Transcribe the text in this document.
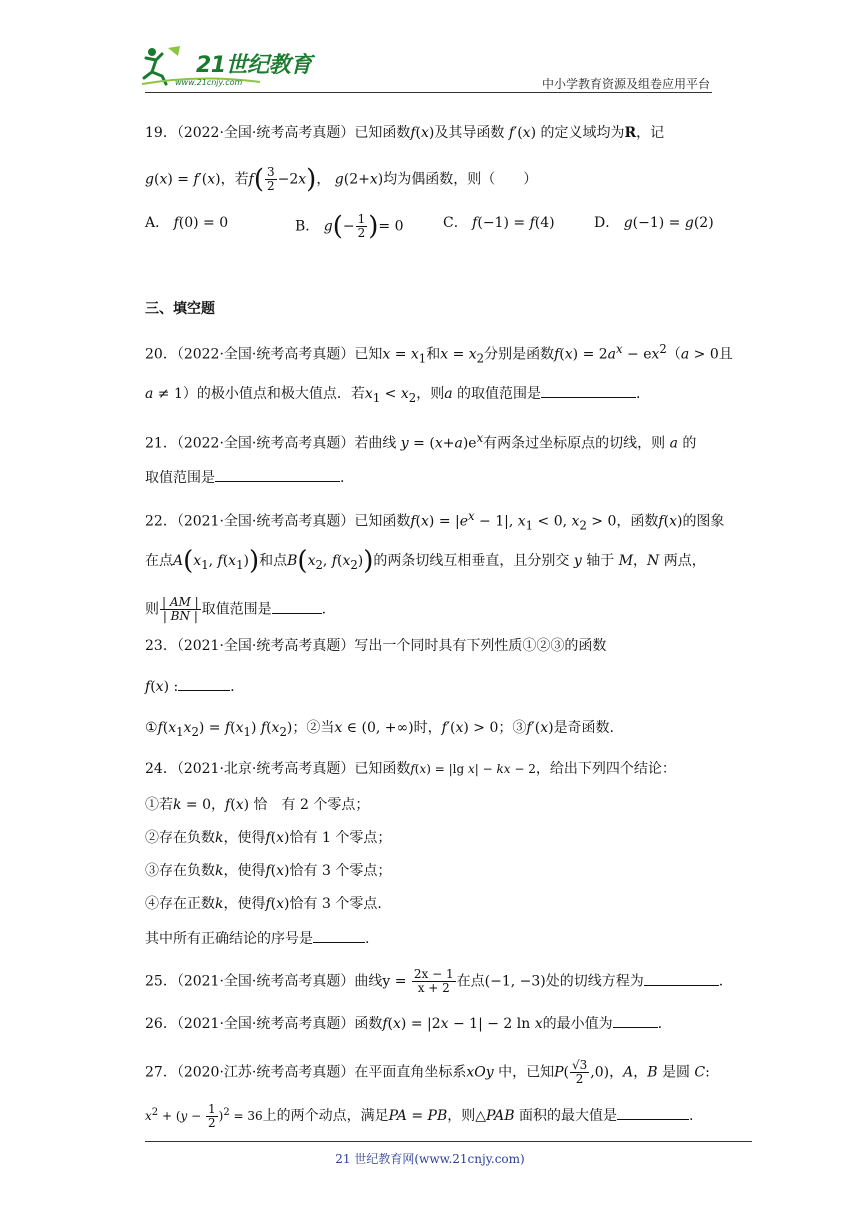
21世纪教育
www.21cnjy.com	中小学教育资源及组卷应用平台
19．（2022·全国·统考高考真题）已知函数f(x)及其导函数 f′(x) 的定义域均为R，记
g(x) = f′(x)，若$f( \frac{3}{2} -2x)$， g(2+x)均为偶函数，则（　　）
A． f(0) = 0	B． $g(- \frac{1}{2}$ )= 0	C． f(−1) = f(4)	D． g(−1) = g(2)
三、填空题
20．（2022·全国·统考高考真题）已知$x = x_1$和$x = x_2$分别是函数$f(x) = 2a^x - ex^2(a > 0$且
a ≠ 1）的极小值点和极大值点．若$x_1 < x_2$，则a 的取值范围是	.
21．（2022·全国·统考高考真题）若曲线 $y = (x+a)e^x$有两条过坐标原点的切线，则 a 的
取值范围是	.
22．（2021·全国·统考高考真题）已知函数$f(x) = |e^x - 1|$, $x_1 < 0$, $x_2 > 0$，函数f(x)的图象
在点$A(x_1$, $f(x_1)$)和点$B(x_2$, $f(x_2)$)的两条切线互相垂直，且分别交 y 轴于 M，N 两点，
则 $\frac{| AM |}{| BN |}$ 取值范围是	.
23．（2021·全国·统考高考真题）写出一个同时具有下列性质①②③的函数
f(x) :	．
$①f(x_1x_2) = f(x_1)$ $f(x_2)$；②当x ∈ (0, +∞)时，f′(x) > 0；③f′(x)是奇函数.
24．（2021·北京·统考高考真题）已知函数f(x) = |lg x| − kx − 2，给出下列四个结论：
①若k = 0，f(x) 恰　有 2 个零点；
②存在负数k，使得f(x)恰有 1 个零点；
③存在负数k，使得f(x)恰有 3 个零点；
④存在正数k，使得f(x)恰有 3 个零点.
其中所有正确结论的序号是	.
25．（2021·全国·统考高考真题）曲线$y = \frac{2x - 1}{x + 2}$ 在点(−1, −3)处的切线方程为	.
26．（2021·全国·统考高考真题）函数f(x) = |2x − 1| − 2 ln x的最小值为	.
27．（2020·江苏·统考高考真题）在平面直角坐标系xOy 中，已知$P( \frac{√3}{2} ,0)$，A，B 是圆 C:
$x^2 + (y - \frac{1}{2} )^2 = 36$上的两个动点，满足PA = PB，则△PAB 面积的最大值是	.
21 世纪教育网(www.21cnjy.com)
